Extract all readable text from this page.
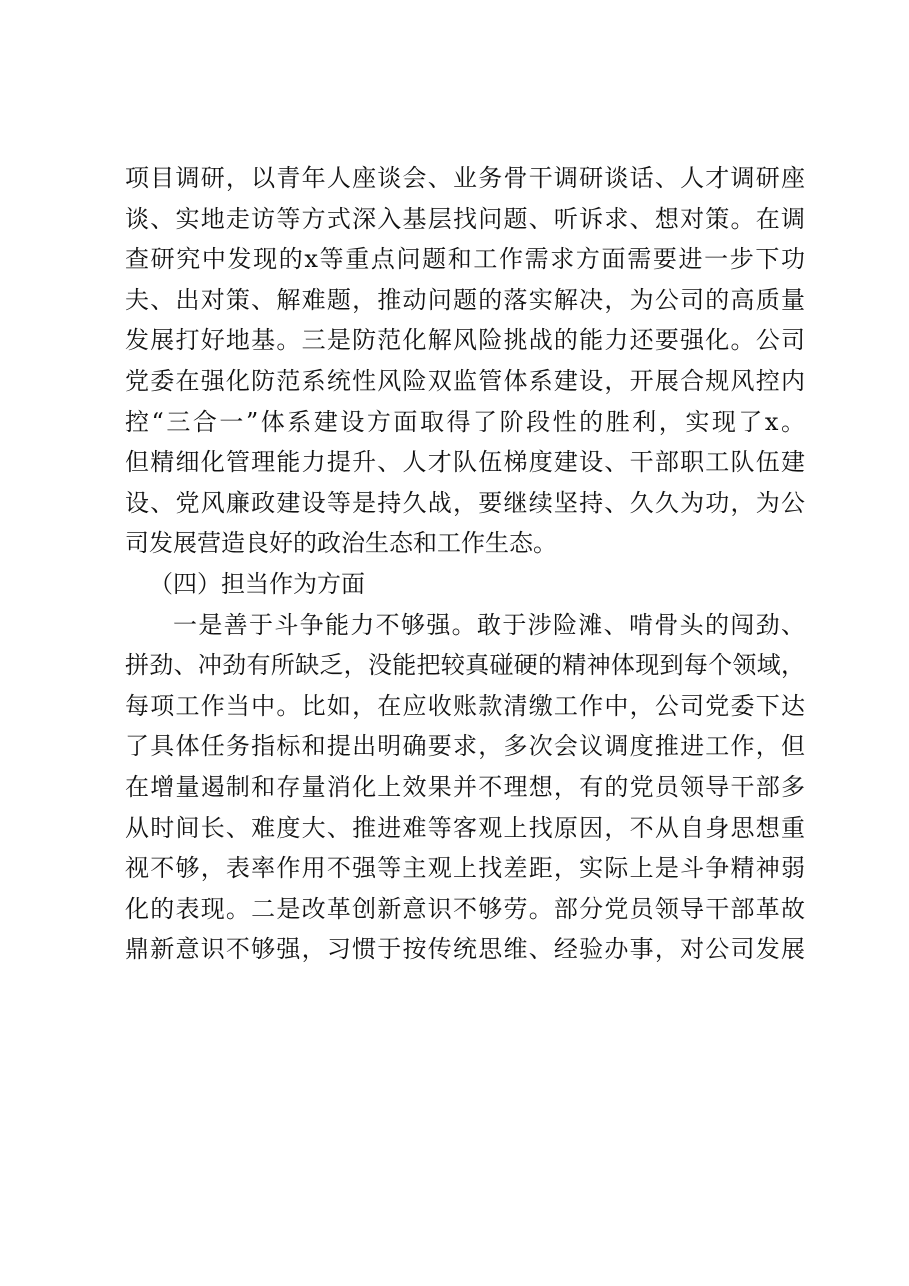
项目调研，以青年人座谈会、业务骨干调研谈话、人才调研座
谈、实地走访等方式深入基层找问题、听诉求、想对策。在调
查研究中发现的x等重点问题和工作需求方面需要进一步下功
夫、出对策、解难题，推动问题的落实解决，为公司的高质量
发展打好地基。三是防范化解风险挑战的能力还要强化。公司
党委在强化防范系统性风险双监管体系建设，开展合规风控内
控“三合一”体系建设方面取得了阶段性的胜利，实现了x。
但精细化管理能力提升、人才队伍梯度建设、干部职工队伍建
设、党风廉政建设等是持久战，要继续坚持、久久为功，为公
司发展营造良好的政治生态和工作生态。
（四）担当作为方面
一是善于斗争能力不够强。敢于涉险滩、啃骨头的闯劲、
拼劲、冲劲有所缺乏，没能把较真碰硬的精神体现到每个领域，
每项工作当中。比如，在应收账款清缴工作中，公司党委下达
了具体任务指标和提出明确要求，多次会议调度推进工作，但
在增量遏制和存量消化上效果并不理想，有的党员领导干部多
从时间长、难度大、推进难等客观上找原因，不从自身思想重
视不够，表率作用不强等主观上找差距，实际上是斗争精神弱
化的表现。二是改革创新意识不够劳。部分党员领导干部革故
鼎新意识不够强，习惯于按传统思维、经验办事，对公司发展
